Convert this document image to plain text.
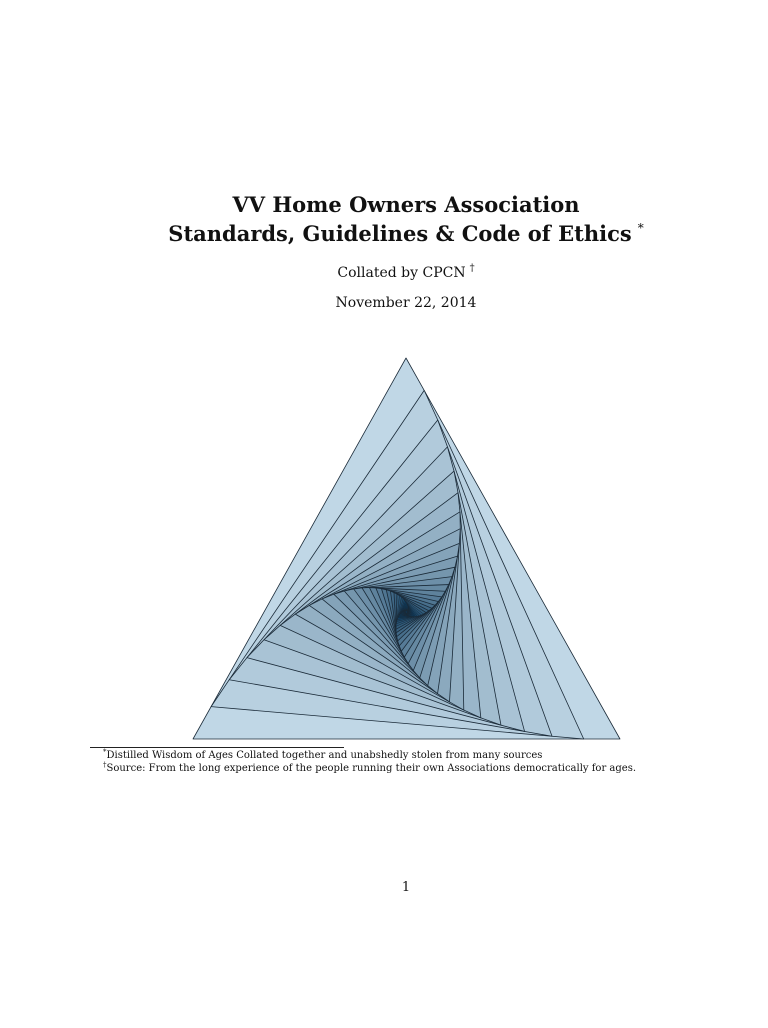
VV Home Owners Association
Standards, Guidelines & Code of Ethics *
Collated by CPCN †
November 22, 2014
*Distilled Wisdom of Ages Collated together and unabshedly stolen from many sources
†Source: From the long experience of the people running their own Associations democratically for ages.
1
